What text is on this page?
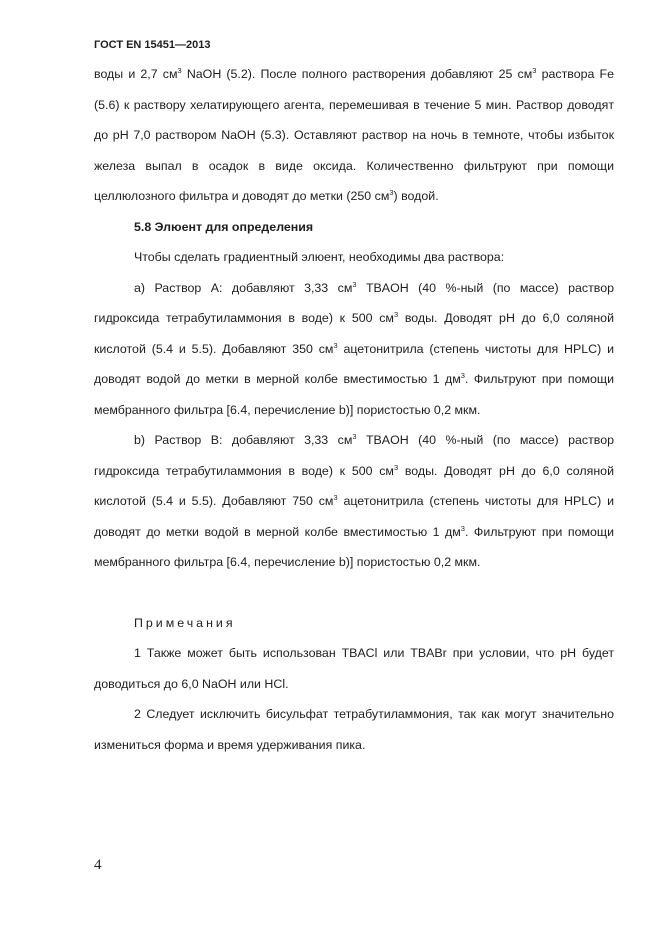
ГОСТ EN 15451—2013

воды и 2,7 $см^3$ NaOH (5.2). После полного растворения добавляют 25 $см^3$ раствора Fe (5.6) к раствору хелатирующего агента, перемешивая в течение 5 мин. Раствор доводят до pH 7,0 раствором NaOH (5.3). Оставляют раствор на ночь в темноте, чтобы избыток железа выпал в осадок в виде оксида. Количественно фильтруют при помощи целлюлозного фильтра и доводят до метки (250 $см^3$) водой.

5.8 Элюент для определения

Чтобы сделать градиентный элюент, необходимы два раствора:

a) Раствор A: добавляют 3,33 $см^3$ TBAOH (40 %-ный (по массе) раствор гидроксида тетрабутиламмония в воде) к 500 $см^3$ воды. Доводят pH до 6,0 соляной кислотой (5.4 и 5.5). Добавляют 350 $см^3$ ацетонитрила (степень чистоты для HPLC) и доводят водой до метки в мерной колбе вместимостью 1 $дм^3$. Фильтруют при помощи мембранного фильтра [6.4, перечисление b)] пористостью 0,2 мкм.

b) Раствор B: добавляют 3,33 $см^3$ TBAOH (40 %-ный (по массе) раствор гидроксида тетрабутиламмония в воде) к 500 $см^3$ воды. Доводят pH до 6,0 соляной кислотой (5.4 и 5.5). Добавляют 750 $см^3$ ацетонитрила (степень чистоты для HPLC) и доводят до метки водой в мерной колбе вместимостью 1 $дм^3$. Фильтруют при помощи мембранного фильтра [6.4, перечисление b)] пористостью 0,2 мкм.

Примечания

1 Также может быть использован TBACl или TBABr при условии, что pH будет доводиться до 6,0 NaOH или HCl.

2 Следует исключить бисульфат тетрабутиламмония, так как могут значительно измениться форма и время удерживания пика.

4
